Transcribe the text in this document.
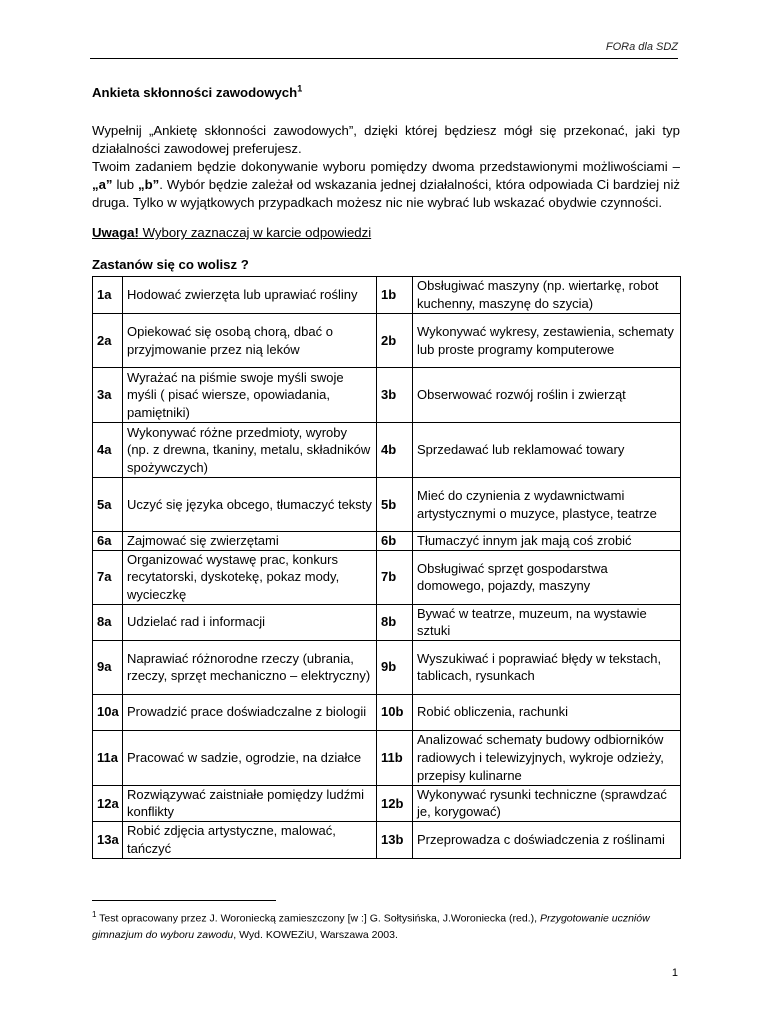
FORa dla SDZ

Ankieta skłonności zawodowych$^1$

Wypełnij „Ankietę skłonności zawodowych”, dzięki której będziesz mógł się przekonać, jaki typ działalności zawodowej preferujesz.

Twoim zadaniem będzie dokonywanie wyboru pomiędzy dwoma przedstawionymi możliwościami – „a” lub „b”. Wybór będzie zależał od wskazania jednej działalności, która odpowiada Ci bardziej niż druga. Tylko w wyjątkowych przypadkach możesz nic nie wybrać lub wskazać obydwie czynności.

Uwaga! Wybory zaznaczaj w karcie odpowiedzi

Zastanów się co wolisz ?

1a	Hodować zwierzęta lub uprawiać rośliny	1b	Obsługiwać maszyny (np. wiertarkę, robot kuchenny, maszynę do szycia)
2a	Opiekować się osobą chorą, dbać o przyjmowanie przez nią leków	2b	Wykonywać wykresy, zestawienia, schematy lub proste programy komputerowe
3a	Wyrażać na piśmie swoje myśli swoje myśli ( pisać wiersze, opowiadania, pamiętniki)	3b	Obserwować rozwój roślin i zwierząt
4a	Wykonywać różne przedmioty, wyroby (np. z drewna, tkaniny, metalu, składników spożywczych)	4b	Sprzedawać lub reklamować towary
5a	Uczyć się języka obcego, tłumaczyć teksty	5b	Mieć do czynienia z wydawnictwami artystycznymi o muzyce, plastyce, teatrze
6a	Zajmować się zwierzętami	6b	Tłumaczyć innym jak mają coś zrobić
7a	Organizować wystawę prac, konkurs recytatorski, dyskotekę, pokaz mody, wycieczkę	7b	Obsługiwać sprzęt gospodarstwa domowego, pojazdy, maszyny
8a	Udzielać rad i informacji	8b	Bywać w teatrze, muzeum, na wystawie sztuki
9a	Naprawiać różnorodne rzeczy (ubrania, rzeczy, sprzęt mechaniczno – elektryczny)	9b	Wyszukiwać i poprawiać błędy w tekstach, tablicach, rysunkach
10a	Prowadzić prace doświadczalne z biologii	10b	Robić obliczenia, rachunki
11a	Pracować w sadzie, ogrodzie, na działce	11b	Analizować schematy budowy odbiorników radiowych i telewizyjnych, wykroje odzieży, przepisy kulinarne
12a	Rozwiązywać zaistniałe pomiędzy ludźmi konflikty	12b	Wykonywać rysunki techniczne (sprawdzać je, korygować)
13a	Robić zdjęcia artystyczne, malować, tańczyć	13b	Przeprowadza c doświadczenia z roślinami
$^1$ Test opracowany przez J. Woroniecką zamieszczony [w :] G. Sołtysińska, J.Woroniecka (red.), Przygotowanie uczniów gimnazjum do wyboru zawodu, Wyd. KOWEZiU, Warszawa 2003.
1
